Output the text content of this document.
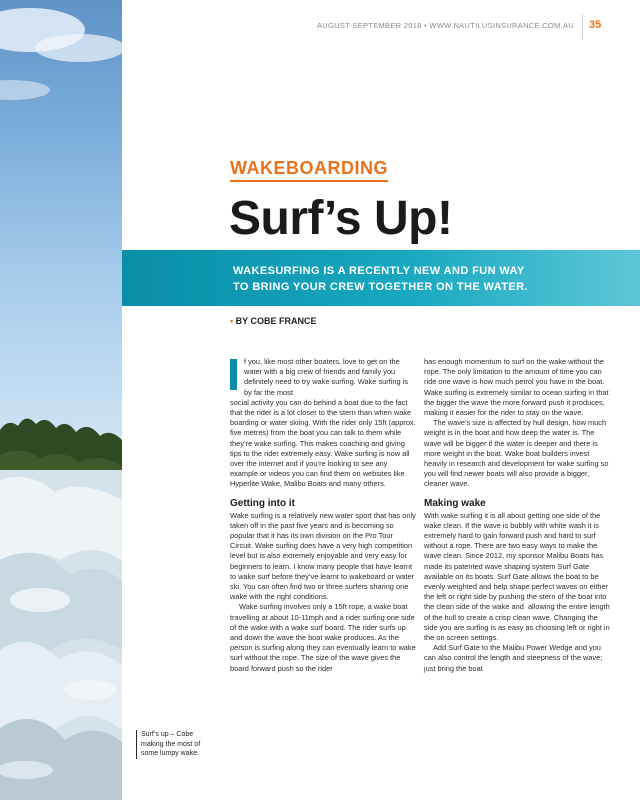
Surf’s up – Cobe making the most of some lumpy wake.
AUGUST-SEPTEMBER 2018 • WWW.NAUTILUSINSURANCE.COM.AU 35
WAKEBOARDING
Surf’s Up!
WAKESURFING IS A RECENTLY NEW AND FUN WAY
TO BRING YOUR CREW TOGETHER ON THE WATER.
• BY COBE FRANCE

f you, like most other boaters, love to get on the water with a big crew of friends and family you definitely need to try wake surfing. Wake surfing is by far the most

social activity you can do behind a boat due to the fact that the rider is a lot closer to the stern than when wake boarding or water skiing. With the rider only 15ft (approx. five metres) from the boat you can talk to them while they’re wake surfing. This makes coaching and giving tips to the rider extremely easy. Wake surfing is now all over the internet and if you’re looking to see any example or videos you can find them on websites like Hyperlite Wake, Malibu Boats and many others.

Getting into it

Wake surfing is a relatively new water sport that has only taken off in the past five years and is becoming so popular that it has its own division on the Pro Tour Circuit. Wake surfing does have a very high competition level but is also extremely enjoyable and very easy for beginners to learn. I know many people that have learnt to wake surf before they’ve learnt to wakeboard or water ski. You can often find two or three surfers sharing one wake with the right conditions.

Wake surfing involves only a 15ft rope, a wake boat travelling at about 10-11mph and a rider surfing one side of the wake with a wake surf board. The rider surfs up and down the wave the boat wake produces. As the person is surfing along they can eventually learn to wake surf without the rope. The size of the wave gives the board forward push so the rider

has enough momentum to surf on the wake without the rope. The only limitation to the amount of time you can ride one wave is how much petrol you have in the boat. Wake surfing is extremely similar to ocean surfing in that the bigger the wave the more forward push it produces, making it easier for the rider to stay on the wave.

The wave’s size is affected by hull design, how much weight is in the boat and how deep the water is. The wave will be bigger if the water is deeper and there is more weight in the boat. Wake boat builders invest heavily in research and development for wake surfing so you will find newer boats will also provide a bigger, cleaner wave.

Making wake

With wake surfing it is all about getting one side of the wake clean. If the wave is bubbly with white wash it is extremely hard to gain forward push and hard to surf without a rope. There are two easy ways to make the wave clean. Since 2012, my sponsor Malibu Boats has made its patented wave shaping system Surf Gate available on its boats. Surf Gate allows the boat to be evenly weighted and help shape perfect waves on either the left or right side by pushing the stern of the boat into the clean side of the wake and  allowing the entire length of the hull to create a crisp clean wave. Changing the side you are surfing is as easy as choosing left or right in the on screen settings.

Add Surf Gate to the Malibu Power Wedge and you can also control the length and steepness of the wave; just bring the boat
